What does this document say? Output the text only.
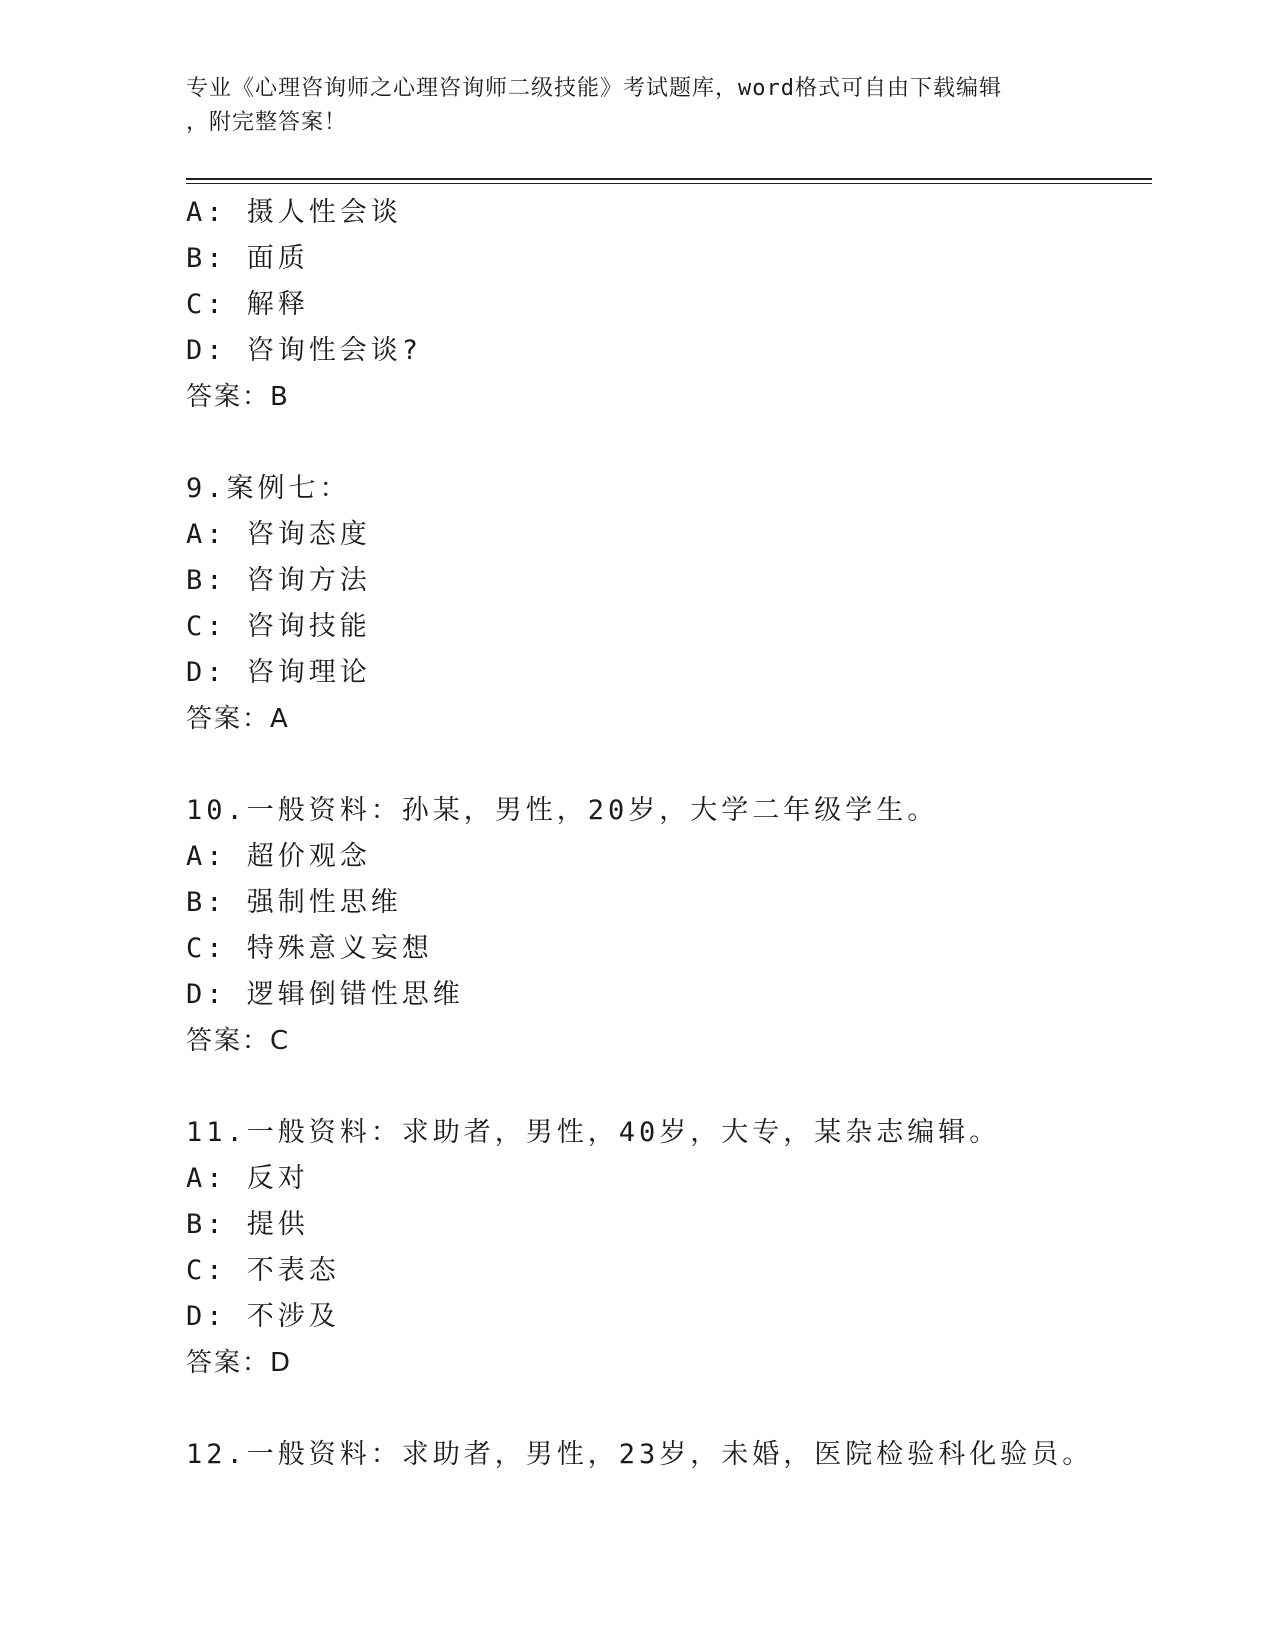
专业《心理咨询师之心理咨询师二级技能》考试题库，word格式可自由下载编辑
，附完整答案！
A: 摄人性会谈
B: 面质
C: 解释
D: 咨询性会谈?
答案：B
9.案例七：
A: 咨询态度
B: 咨询方法
C: 咨询技能
D: 咨询理论
答案：A
10.一般资料：孙某，男性，20岁，大学二年级学生。
A: 超价观念
B: 强制性思维
C: 特殊意义妄想
D: 逻辑倒错性思维
答案：C
11.一般资料：求助者，男性，40岁，大专，某杂志编辑。
A: 反对
B: 提供
C: 不表态
D: 不涉及
答案：D
12.一般资料：求助者，男性，23岁，未婚，医院检验科化验员。
